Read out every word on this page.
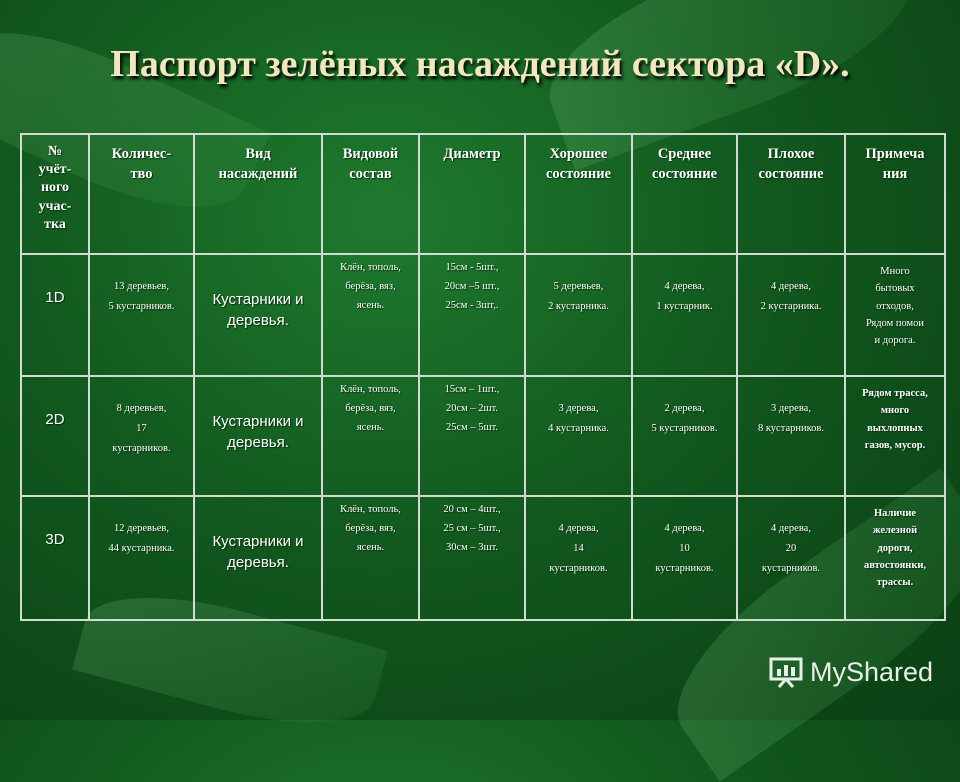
Паспорт зелёных насаждений сектора «D».
№
учёт-
ного
учас-
тка	Количес-
тво	Вид
насаждений	Видовой
состав	Диаметр	Хорошее
состояние	Среднее
состояние	Плохое
состояние	Примеча
ния

1D	13 деревьев,
5 кустарников.	Кустарники и
деревья.	Клён, тополь,
берёза, вяз,
ясень.	15см - 5шт.,
20см –5 шт.,
25см - 3шт,.	5 деревьев,
2 кустарника.	4 дерева,
1 кустарник.	4 дерева,
2 кустарника.	Много
бытовых
отходов,
Рядом помои
и дорога.

2D	8 деревьев,
17
кустарников.	Кустарники и
деревья.	Клён, тополь,
берёза, вяз,
ясень.	15см – 1шт.,
20см – 2шт.
25см – 5шт.	3 дерева,
4 кустарника.	2 дерева,
5 кустарников.	3 дерева,
8 кустарников.	Рядом трасса,
много
выхлопных
газов, мусор.

3D	12 деревьев,
44 кустарника.	Кустарники и
деревья.	Клён, тополь,
берёза, вяз,
ясень.	20 см – 4шт.,
25 см – 5шт.,
30см – 3шт.	4 дерева,
14
кустарников.	4 дерева,
10
кустарников.	4 дерева,
20
кустарников.	Наличие
железной
дороги,
автостоянки,
трассы.
MyShared
